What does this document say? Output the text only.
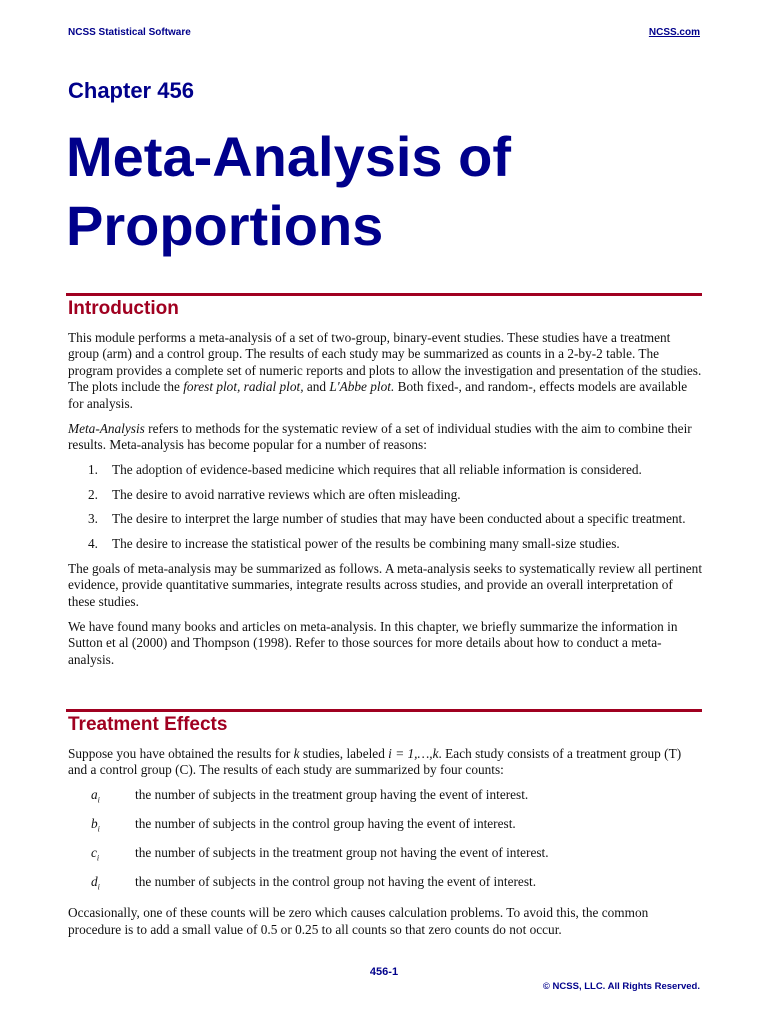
NCSS Statistical Software	NCSS.com
Chapter 456
Meta-Analysis of
Proportions
Introduction

This module performs a meta-analysis of a set of two-group, binary-event studies. These studies have a treatment group (arm) and a control group. The results of each study may be summarized as counts in a 2-by-2 table. The program provides a complete set of numeric reports and plots to allow the investigation and presentation of the studies. The plots include the forest plot, radial plot, and L'Abbe plot. Both fixed-, and random-, effects models are available for analysis.

Meta-Analysis refers to methods for the systematic review of a set of individual studies with the aim to combine their results. Meta-analysis has become popular for a number of reasons:

1. The adoption of evidence-based medicine which requires that all reliable information is considered.
2. The desire to avoid narrative reviews which are often misleading.
3. The desire to interpret the large number of studies that may have been conducted about a specific treatment.
4. The desire to increase the statistical power of the results be combining many small-size studies.

The goals of meta-analysis may be summarized as follows. A meta-analysis seeks to systematically review all pertinent evidence, provide quantitative summaries, integrate results across studies, and provide an overall interpretation of these studies.

We have found many books and articles on meta-analysis. In this chapter, we briefly summarize the information in Sutton et al (2000) and Thompson (1998). Refer to those sources for more details about how to conduct a meta-analysis.

Treatment Effects

Suppose you have obtained the results for k studies, labeled i = 1,…,k. Each study consists of a treatment group (T) and a control group (C). The results of each study are summarized by four counts:

$a_i$	the number of subjects in the treatment group having the event of interest.
$b_i$	the number of subjects in the control group having the event of interest.
$c_i$	the number of subjects in the treatment group not having the event of interest.
$d_i$	the number of subjects in the control group not having the event of interest.

Occasionally, one of these counts will be zero which causes calculation problems. To avoid this, the common procedure is to add a small value of 0.5 or 0.25 to all counts so that zero counts do not occur.

456-1
© NCSS, LLC. All Rights Reserved.
